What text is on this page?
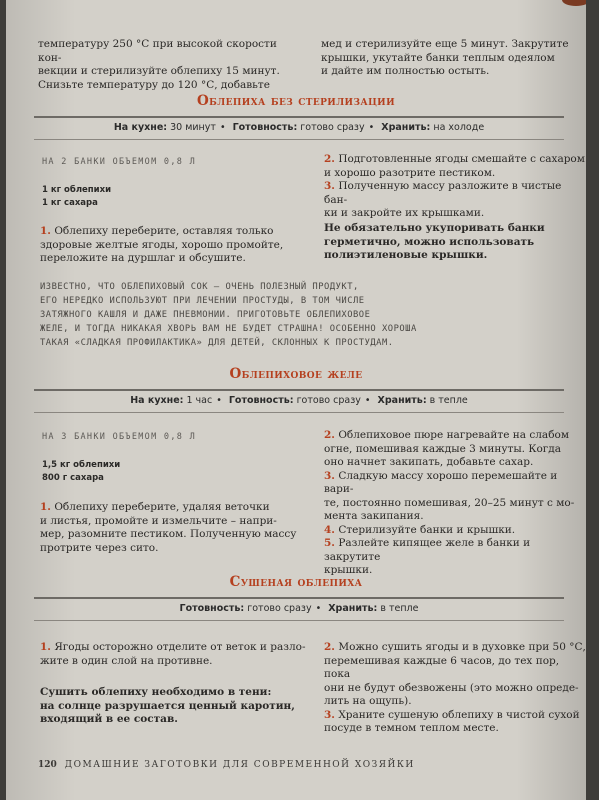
температуру 250 °С при высокой скорости кон-
векции и стерилизуйте облепиху 15 минут.
Снизьте температуру до 120 °С, добавьте
мед и стерилизуйте еще 5 минут. Закрутите
крышки, укутайте банки теплым одеялом
и дайте им полностью остыть.
Облепиха без стерилизации
На кухне: 30 минут • Готовность: готово сразу • Хранить: на холоде
НА 2 БАНКИ ОБЪЕМОМ 0,8 Л
1 кг облепихи
1 кг сахара
1. Облепиху переберите, оставляя только
здоровые желтые ягоды, хорошо промойте,
переложите на дуршлаг и обсушите.
2. Подготовленные ягоды смешайте с сахаром
и хорошо разотрите пестиком.
3. Полученную массу разложите в чистые бан-
ки и закройте их крышками.
Не обязательно укупоривать банки
герметично, можно использовать
полиэтиленовые крышки.
ИЗВЕСТНО, ЧТО ОБЛЕПИХОВЫЙ СОК – ОЧЕНЬ ПОЛЕЗНЫЙ ПРОДУКТ,
ЕГО НЕРЕДКО ИСПОЛЬЗУЮТ ПРИ ЛЕЧЕНИИ ПРОСТУДЫ, В ТОМ ЧИСЛЕ
ЗАТЯЖНОГО КАШЛЯ И ДАЖЕ ПНЕВМОНИИ. ПРИГОТОВЬТЕ ОБЛЕПИХОВОЕ
ЖЕЛЕ, И ТОГДА НИКАКАЯ ХВОРЬ ВАМ НЕ БУДЕТ СТРАШНА! ОСОБЕННО ХОРОША
ТАКАЯ «СЛАДКАЯ ПРОФИЛАКТИКА» ДЛЯ ДЕТЕЙ, СКЛОННЫХ К ПРОСТУДАМ.
Облепиховое желе
На кухне: 1 час • Готовность: готово сразу • Хранить: в тепле
НА 3 БАНКИ ОБЪЕМОМ 0,8 Л
1,5 кг облепихи
800 г сахара
1. Облепиху переберите, удаляя веточки
и листья, промойте и измельчите – напри-
мер, разомните пестиком. Полученную массу
протрите через сито.
2. Облепиховое пюре нагревайте на слабом
огне, помешивая каждые 3 минуты. Когда
оно начнет закипать, добавьте сахар.
3. Сладкую массу хорошо перемешайте и вари-
те, постоянно помешивая, 20–25 минут с мо-
мента закипания.
4. Стерилизуйте банки и крышки.
5. Разлейте кипящее желе в банки и закрутите
крышки.
Сушеная облепиха
Готовность: готово сразу • Хранить: в тепле
1. Ягоды осторожно отделите от веток и разло-
жите в один слой на противне.
Сушить облепиху необходимо в тени:
на солнце разрушается ценный каротин,
входящий в ее состав.
2. Можно сушить ягоды и в духовке при 50 °С,
перемешивая каждые 6 часов, до тех пор, пока
они не будут обезвожены (это можно опреде-
лить на ощупь).
3. Храните сушеную облепиху в чистой сухой
посуде в темном теплом месте.
120 ДОМАШНИЕ ЗАГОТОВКИ ДЛЯ СОВРЕМЕННОЙ ХОЗЯЙКИ
